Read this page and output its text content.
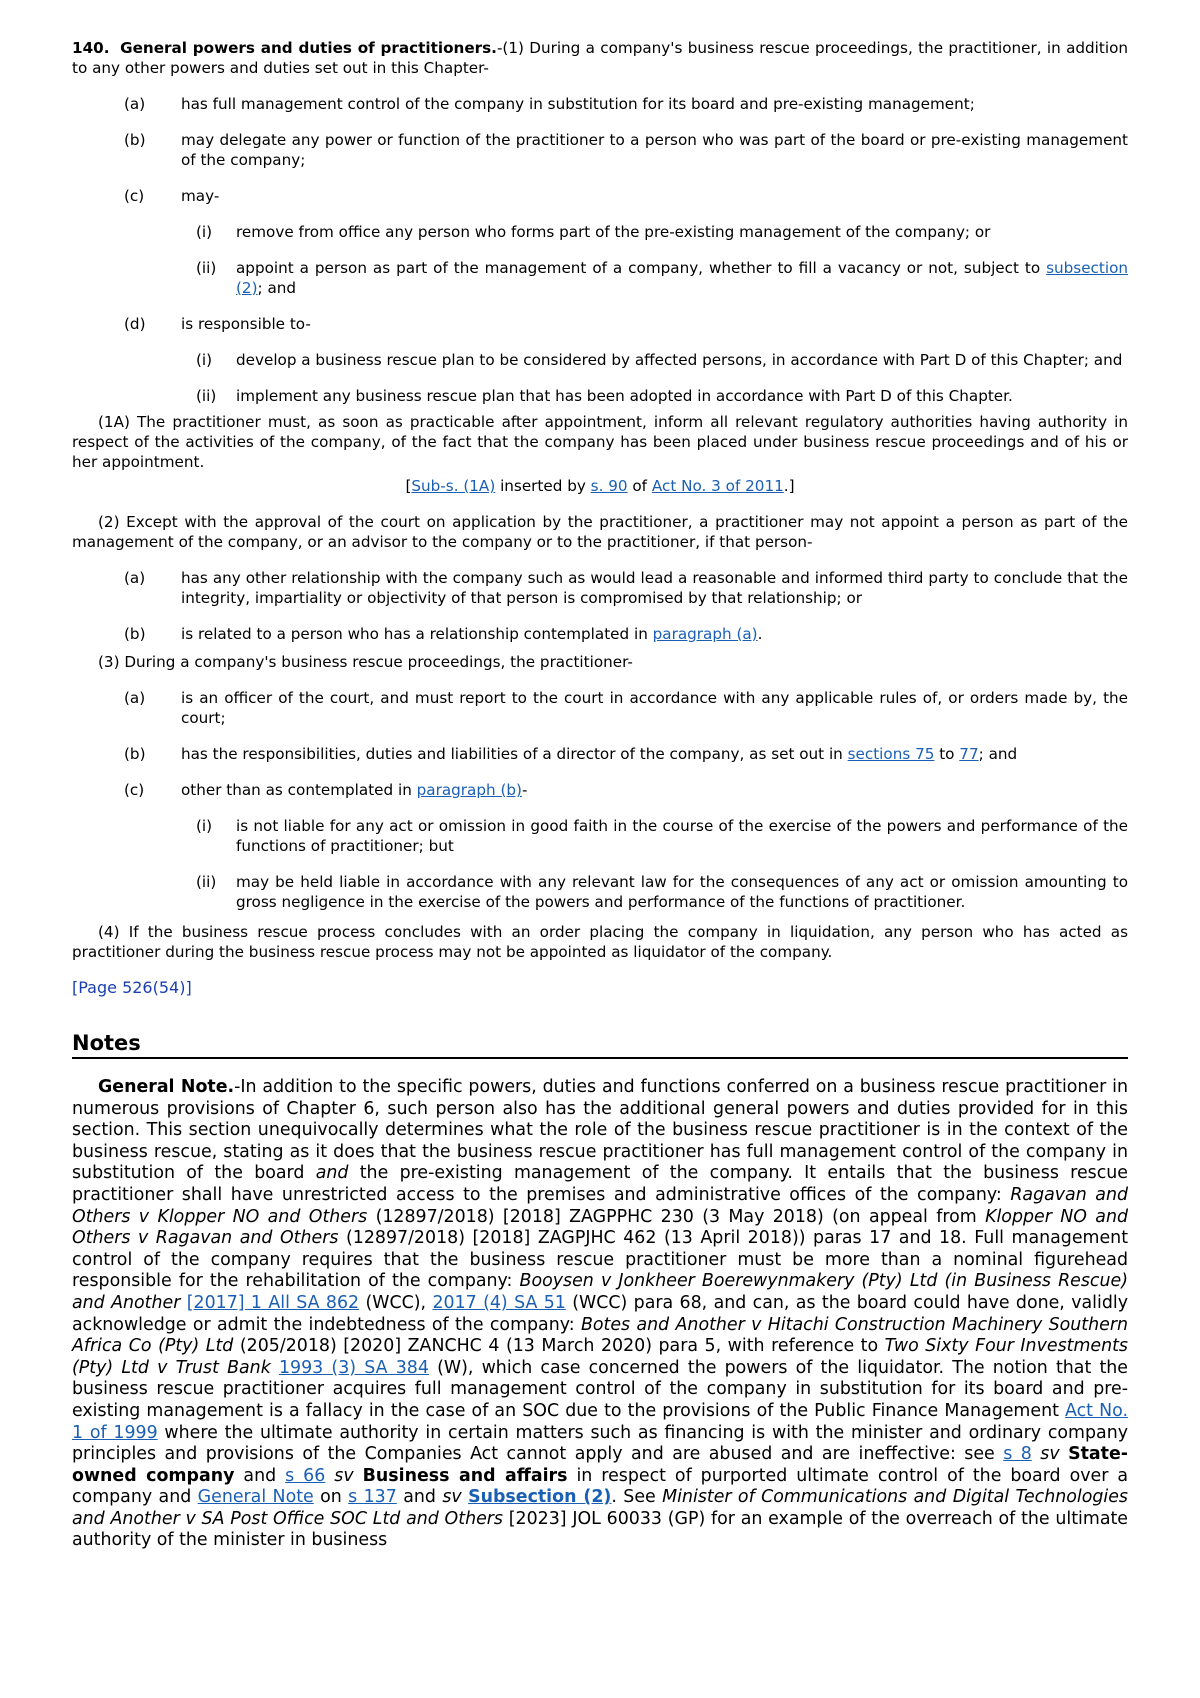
140. General powers and duties of practitioners.-(1) During a company's business rescue proceedings, the practitioner, in addition to any other powers and duties set out in this Chapter-

(a) has full management control of the company in substitution for its board and pre-existing management;
(b) may delegate any power or function of the practitioner to a person who was part of the board or pre-existing management of the company;
(c) may-
(i) remove from office any person who forms part of the pre-existing management of the company; or
(ii) appoint a person as part of the management of a company, whether to fill a vacancy or not, subject to subsection (2); and
(d) is responsible to-
(i) develop a business rescue plan to be considered by affected persons, in accordance with Part D of this Chapter; and
(ii) implement any business rescue plan that has been adopted in accordance with Part D of this Chapter.

(1A) The practitioner must, as soon as practicable after appointment, inform all relevant regulatory authorities having authority in respect of the activities of the company, of the fact that the company has been placed under business rescue proceedings and of his or her appointment.

[Sub-s. (1A) inserted by s. 90 of Act No. 3 of 2011.]

(2) Except with the approval of the court on application by the practitioner, a practitioner may not appoint a person as part of the management of the company, or an advisor to the company or to the practitioner, if that person-

(a) has any other relationship with the company such as would lead a reasonable and informed third party to conclude that the integrity, impartiality or objectivity of that person is compromised by that relationship; or
(b) is related to a person who has a relationship contemplated in paragraph (a).

(3) During a company's business rescue proceedings, the practitioner-

(a) is an officer of the court, and must report to the court in accordance with any applicable rules of, or orders made by, the court;
(b) has the responsibilities, duties and liabilities of a director of the company, as set out in sections 75 to 77; and
(c) other than as contemplated in paragraph (b)-
(i) is not liable for any act or omission in good faith in the course of the exercise of the powers and performance of the functions of practitioner; but
(ii) may be held liable in accordance with any relevant law for the consequences of any act or omission amounting to gross negligence in the exercise of the powers and performance of the functions of practitioner.

(4) If the business rescue process concludes with an order placing the company in liquidation, any person who has acted as practitioner during the business rescue process may not be appointed as liquidator of the company.

[Page 526(54)]
Notes

General Note.-In addition to the specific powers, duties and functions conferred on a business rescue practitioner in numerous provisions of Chapter 6, such person also has the additional general powers and duties provided for in this section. This section unequivocally determines what the role of the business rescue practitioner is in the context of the business rescue, stating as it does that the business rescue practitioner has full management control of the company in substitution of the board and the pre-existing management of the company. It entails that the business rescue practitioner shall have unrestricted access to the premises and administrative offices of the company: Ragavan and Others v Klopper NO and Others (12897/2018) [2018] ZAGPPHC 230 (3 May 2018) (on appeal from Klopper NO and Others v Ragavan and Others (12897/2018) [2018] ZAGPJHC 462 (13 April 2018)) paras 17 and 18. Full management control of the company requires that the business rescue practitioner must be more than a nominal figurehead responsible for the rehabilitation of the company: Booysen v Jonkheer Boerewynmakery (Pty) Ltd (in Business Rescue) and Another [2017] 1 All SA 862 (WCC), 2017 (4) SA 51 (WCC) para 68, and can, as the board could have done, validly acknowledge or admit the indebtedness of the company: Botes and Another v Hitachi Construction Machinery Southern Africa Co (Pty) Ltd (205/2018) [2020] ZANCHC 4 (13 March 2020) para 5, with reference to Two Sixty Four Investments (Pty) Ltd v Trust Bank 1993 (3) SA 384 (W), which case concerned the powers of the liquidator. The notion that the business rescue practitioner acquires full management control of the company in substitution for its board and pre-existing management is a fallacy in the case of an SOC due to the provisions of the Public Finance Management Act No. 1 of 1999 where the ultimate authority in certain matters such as financing is with the minister and ordinary company principles and provisions of the Companies Act cannot apply and are abused and are ineffective: see s 8 sv State-owned company and s 66 sv Business and affairs in respect of purported ultimate control of the board over a company and General Note on s 137 and sv Subsection (2). See Minister of Communications and Digital Technologies and Another v SA Post Office SOC Ltd and Others [2023] JOL 60033 (GP) for an example of the overreach of the ultimate authority of the minister in business
